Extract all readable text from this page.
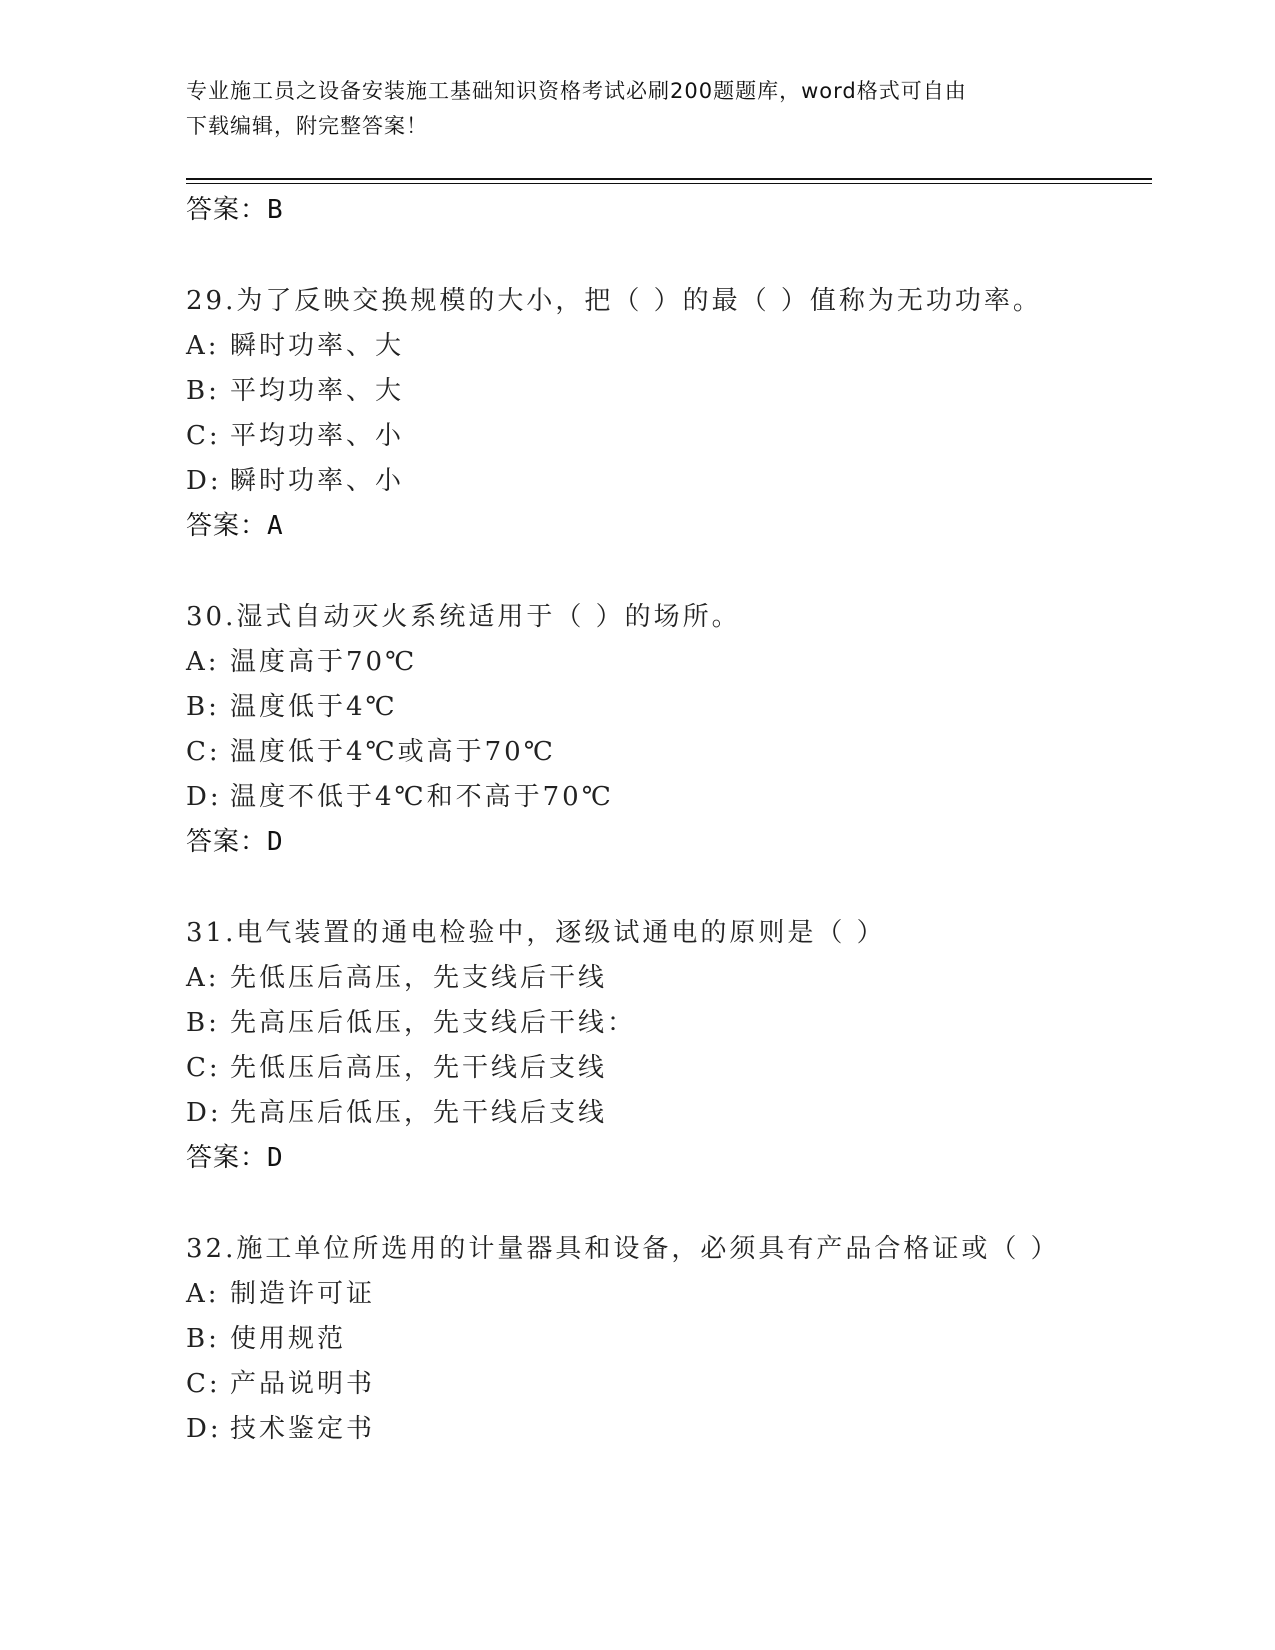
专业施工员之设备安装施工基础知识资格考试必刷200题题库，word格式可自由
下载编辑，附完整答案！
答案：B
29.为了反映交换规模的大小，把（ ）的最（ ）值称为无功功率。
A: 瞬时功率、大
B: 平均功率、大
C: 平均功率、小
D: 瞬时功率、小
答案：A
30.湿式自动灭火系统适用于（ ）的场所。
A: 温度高于70℃
B: 温度低于4℃
C: 温度低于4℃或高于70℃
D: 温度不低于4℃和不高于70℃
答案：D
31.电气装置的通电检验中，逐级试通电的原则是（ ）
A: 先低压后高压，先支线后干线
B: 先高压后低压，先支线后干线：
C: 先低压后高压，先干线后支线
D: 先高压后低压，先干线后支线
答案：D
32.施工单位所选用的计量器具和设备，必须具有产品合格证或（ ）
A: 制造许可证
B: 使用规范
C: 产品说明书
D: 技术鉴定书
